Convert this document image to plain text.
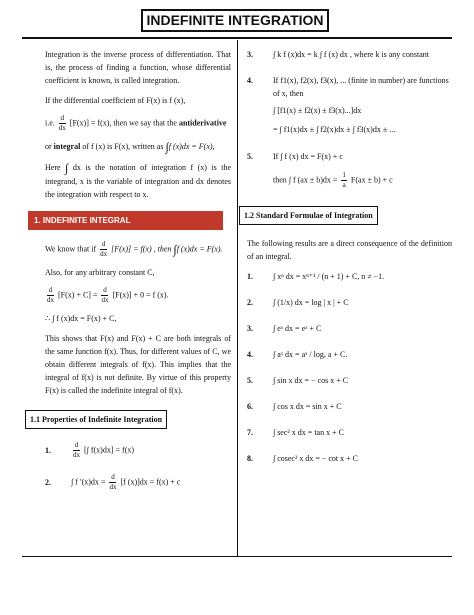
INDEFINITE INTEGRATION

Integration is the inverse process of differentiation. That is, the process of finding a function, whose differential coefficient is known, is called integration.

If the differential coefficient of F(x) is f (x),

i.e. $\frac{d}{dx} [F(x)] = f(x)$, then we say that the antiderivative

or integral of f (x) is F(x), written as ∫f (x)dx = F(x),

Here ∫ dx is the notation of integration f (x) is the integrand, x is the variable of integration and dx denotes the integration with respect to x.

1. INDEFINITE INTEGRAL

We know that if $\frac{d}{dx} [F(x)] = f(x)$ , then ∫f (x)dx = F(x).

Also, for any arbitrary constant C,

$\frac{d}{dx} [F(x) + C] = \frac{d}{dx} [F(x)] + 0 = f$ (x).

∴ ∫ f (x)dx = F(x) + C,

This shows that F(x) and F(x) + C are both integrals of the same function f(x). Thus, for different values of C, we obtain different integrals of f(x). This implies that the integral of f(x) is not definite. By virtue of this property F(x) is called the indefinite integral of f(x).

1.1 Properties of Indefinite Integration
1.	$\frac{d}{dx}$ [∫ f(x)dx] = f(x)
2.	∫ f $'(x)dx = \frac{d}{dx} [f$ (x)]dx = f(x) + c
3.	∫ k f (x)dx = k ∫ f (x) dx , where k is any constant
4.	If f1(x), f2(x), f3(x), ... (finite in number) are functions of x, then
∫ [f1(x) ± f2(x) ± f3(x)...]dx
= ∫ f1(x)dx ± ∫ f2(x)dx ± ∫ f3(x)dx ± ...
5.	If ∫ f (x) dx = F(x) + c
then ∫ f $(ax \pm b)dx = \frac{1}{a} F(ax \pm b) + c$
1.2 Standard Formulae of Integration

The following results are a direct consequence of the definition of an integral.

1.	∫ xⁿ dx = xⁿ⁺¹ / (n + 1) + C, n ≠ −1.
2.	∫ (1/x) dx = log | x | + C
3.	∫ eˣ dx = eˣ + C
4.	∫ aˣ dx = aˣ / logₑ a + C.
5.	∫ sin x dx = − cos x + C
6.	∫ cos x dx = sin x + C
7.	∫ sec² x dx = tan x + C
8.	∫ cosec² x dx = − cot x + C
